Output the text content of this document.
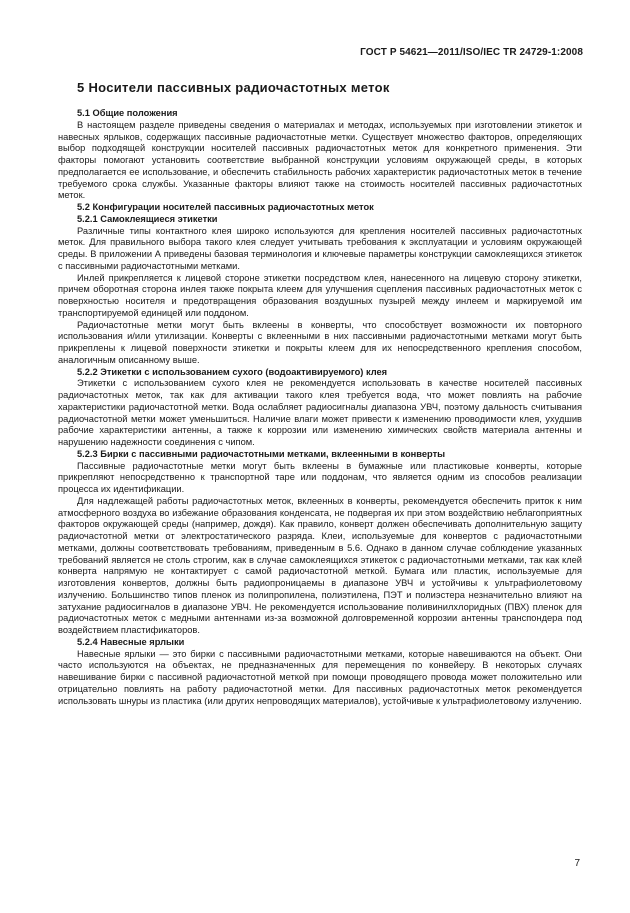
ГОСТ Р 54621—2011/ISO/IEC TR 24729-1:2008
5 Носители пассивных радиочастотных меток
5.1 Общие положения

В настоящем разделе приведены сведения о материалах и методах, используемых при изготовлении этикеток и навесных ярлыков, содержащих пассивные радиочастотные метки. Существует множество факторов, определяющих выбор подходящей конструкции носителей пассивных радиочастотных меток для конкретного применения. Эти факторы помогают установить соответствие выбранной конструкции условиям окружающей среды, в которых предполагается ее использование, и обеспечить стабильность рабочих характеристик радиочастотных меток в течение требуемого срока службы. Указанные факторы влияют также на стоимость носителей пассивных радиочастотных меток.

5.2 Конфигурации носителей пассивных радиочастотных меток
5.2.1 Самоклеящиеся этикетки

Различные типы контактного клея широко используются для крепления носителей пассивных радиочастотных меток. Для правильного выбора такого клея следует учитывать требования к эксплуатации и условиям окружающей среды. В приложении А приведены базовая терминология и ключевые параметры конструкции самоклеящихся этикеток с пассивными радиочастотными метками.

Инлей прикрепляется к лицевой стороне этикетки посредством клея, нанесенного на лицевую сторону этикетки, причем оборотная сторона инлея также покрыта клеем для улучшения сцепления пассивных радиочастотных меток с поверхностью носителя и предотвращения образования воздушных пузырей между инлеем и маркируемой им транспортируемой единицей или поддоном.

Радиочастотные метки могут быть вклеены в конверты, что способствует возможности их повторного использования и/или утилизации. Конверты с вклеенными в них пассивными радиочастотными метками могут быть прикреплены к лицевой поверхности этикетки и покрыты клеем для их непосредственного крепления способом, аналогичным описанному выше.

5.2.2 Этикетки с использованием сухого (водоактивируемого) клея

Этикетки с использованием сухого клея не рекомендуется использовать в качестве носителей пассивных радиочастотных меток, так как для активации такого клея требуется вода, что может повлиять на рабочие характеристики радиочастотной метки. Вода ослабляет радиосигналы диапазона УВЧ, поэтому дальность считывания радиочастотной метки может уменьшиться. Наличие влаги может привести к изменению проводимости клея, ухудшив рабочие характеристики антенны, а также к коррозии или изменению химических свойств материала антенны и нарушению надежности соединения с чипом.

5.2.3 Бирки с пассивными радиочастотными метками, вклеенными в конверты

Пассивные радиочастотные метки могут быть вклеены в бумажные или пластиковые конверты, которые прикрепляют непосредственно к транспортной таре или поддонам, что является одним из способов реализации процесса их идентификации.

Для надлежащей работы радиочастотных меток, вклеенных в конверты, рекомендуется обеспечить приток к ним атмосферного воздуха во избежание образования конденсата, не подвергая их при этом воздействию неблагоприятных факторов окружающей среды (например, дождя). Как правило, конверт должен обеспечивать дополнительную защиту радиочастотной метки от электростатического разряда. Клеи, используемые для конвертов с радиочастотными метками, должны соответствовать требованиям, приведенным в 5.6. Однако в данном случае соблюдение указанных требований является не столь строгим, как в случае самоклеящихся этикеток с радиочастотными метками, так как клей конверта напрямую не контактирует с самой радиочастотной меткой. Бумага или пластик, используемые для изготовления конвертов, должны быть радиопроницаемы в диапазоне УВЧ и устойчивы к ультрафиолетовому излучению. Большинство типов пленок из полипропилена, полиэтилена, ПЭТ и полиэстера незначительно влияют на затухание радиосигналов в диапазоне УВЧ. Не рекомендуется использование поливинилхлоридных (ПВХ) пленок для радиочастотных меток с медными антеннами из-за возможной долговременной коррозии антенны транспондера под воздействием пластификаторов.

5.2.4 Навесные ярлыки

Навесные ярлыки — это бирки с пассивными радиочастотными метками, которые навешиваются на объект. Они часто используются на объектах, не предназначенных для перемещения по конвейеру. В некоторых случаях навешивание бирки с пассивной радиочастотной меткой при помощи проводящего провода может положительно или отрицательно повлиять на работу радиочастотной метки. Для пассивных радиочастотных меток рекомендуется использовать шнуры из пластика (или других непроводящих материалов), устойчивые к ультрафиолетовому излучению.

7
